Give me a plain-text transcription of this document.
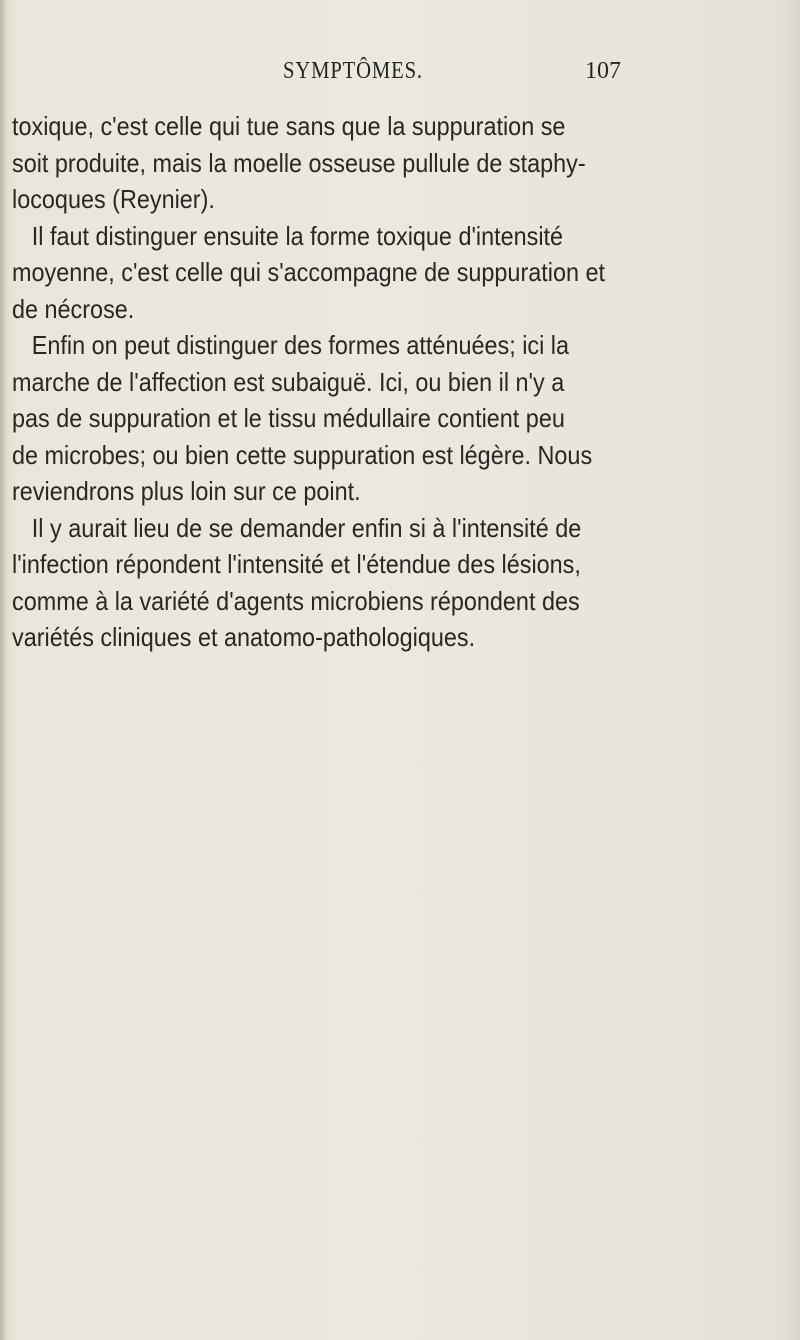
SYMPTÔMES.	107
toxique, c'est celle qui tue sans que la suppuration se
soit produite, mais la moelle osseuse pullule de staphy-
locoques (Reynier).
Il faut distinguer ensuite la forme toxique d'intensité
moyenne, c'est celle qui s'accompagne de suppuration et
de nécrose.
Enfin on peut distinguer des formes atténuées; ici la
marche de l'affection est subaiguë. Ici, ou bien il n'y a
pas de suppuration et le tissu médullaire contient peu
de microbes; ou bien cette suppuration est légère. Nous
reviendrons plus loin sur ce point.
Il y aurait lieu de se demander enfin si à l'intensité de
l'infection répondent l'intensité et l'étendue des lésions,
comme à la variété d'agents microbiens répondent des
variétés cliniques et anatomo-pathologiques.
